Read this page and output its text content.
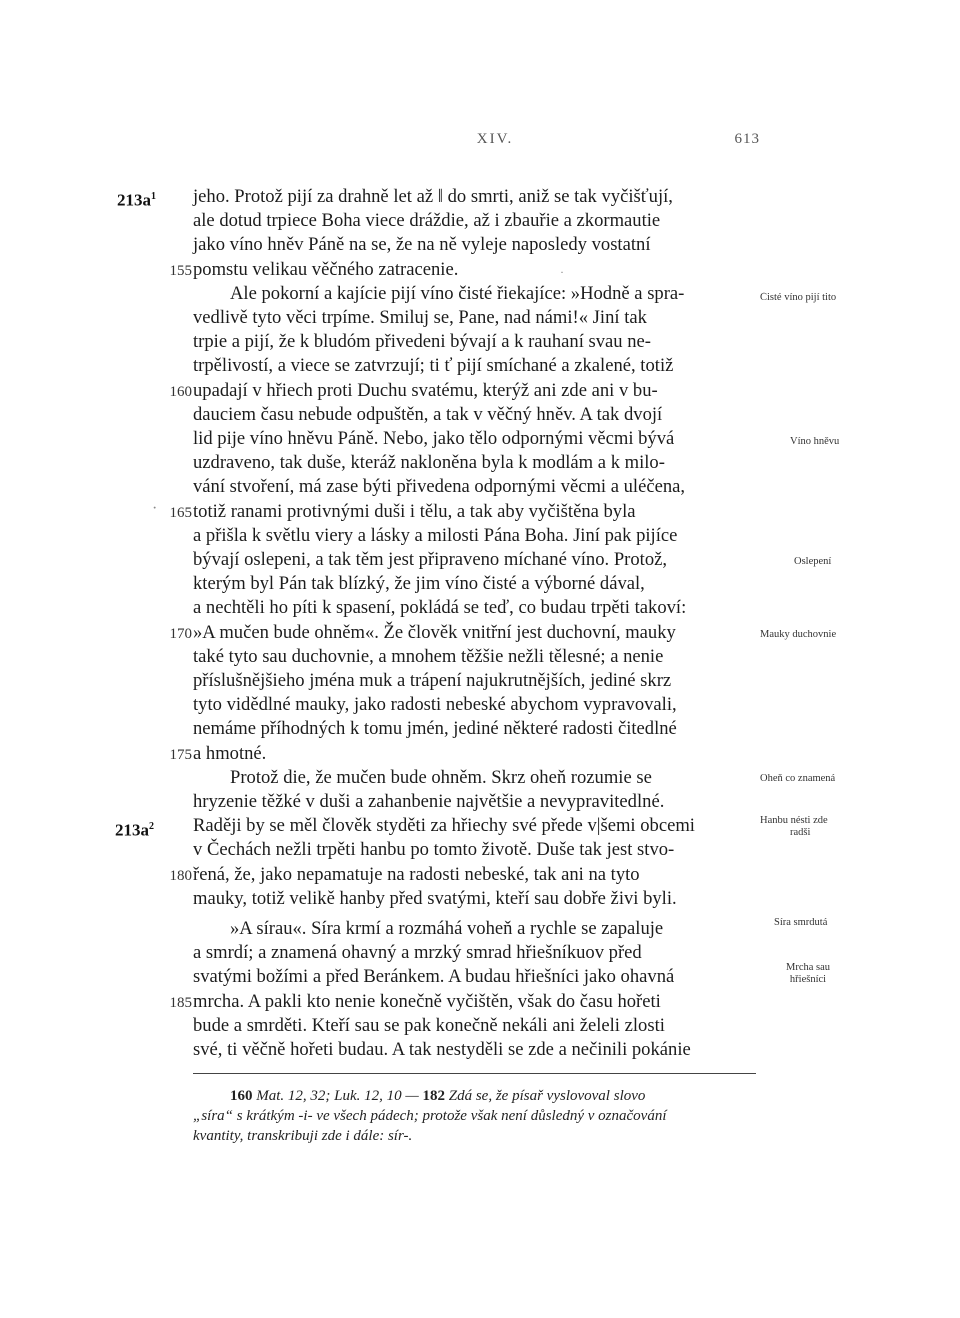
XIV.	613
$213a^1$
$213a^2$
jeho. Protož pijí za drahně let až ‖ do smrti, aniž se tak vyčišťují,
ale dotud trpiece Boha viece dráždie, až i zbauřie a zkormautie
jako víno hněv Páně na se, že na ně vyleje naposledy vostatní
pomstu velikau věčného zatracenie.
155
Ale pokorní a kajície pijí víno čisté řiekajíce: »Hodně a spra-
vedlivě tyto věci trpíme. Smiluj se, Pane, nad námi!« Jiní tak
trpie a pijí, že k bludóm přivedeni bývají a k rauhaní svau ne-
trpělivostí, a viece se zatvrzují; ti ť pijí smíchané a zkalené, totiž
upadají v hřiech proti Duchu svatému, kterýž ani zde ani v bu-
160
dauciem času nebude odpuštěn, a tak v věčný hněv. A tak dvojí
lid pije víno hněvu Páně. Nebo, jako tělo odpornými věcmi bývá
uzdraveno, tak duše, kteráž nakloněna byla k modlám a k milo-
vání stvoření, má zase býti přivedena odpornými věcmi a uléčena,
totiž ranami protivnými duši i tělu, a tak aby vyčištěna byla
165
a přišla k světlu viery a lásky a milosti Pána Boha. Jiní pak pijíce
bývají oslepeni, a tak těm jest připraveno míchané víno. Protož,
kterým byl Pán tak blízký, že jim víno čisté a výborné dával,
a nechtěli ho píti k spasení, pokládá se teď, co budau trpěti takoví:
»A mučen bude ohněm«. Že člověk vnitřní jest duchovní, mauky
170
také tyto sau duchovnie, a mnohem těžšie nežli tělesné; a nenie
příslušnějšieho jména muk a trápení najukrutnějších, jediné skrz
tyto vidědlné mauky, jako radosti nebeské abychom vypravovali,
nemáme příhodných k tomu jmén, jediné některé radosti čitedlné
a hmotné.
175
Protož die, že mučen bude ohněm. Skrz oheň rozumie se
hryzenie těžké v duši a zahanbenie najvětšie a nevypravitedlné.
Raději by se měl člověk styděti za hřiechy své přede v|šemi obcemi
v Čechách nežli trpěti hanbu po tomto životě. Duše tak jest stvo-
řená, že, jako nepamatuje na radosti nebeské, tak ani na tyto
180
mauky, totiž velikě hanby před svatými, kteří sau dobře živi byli.
»A sírau«. Síra krmí a rozmáhá voheň a rychle se zapaluje
a smrdí; a znamená ohavný a mrzký smrad hřiešníkuov před
svatými božími a před Beránkem. A budau hřiešníci jako ohavná
mrcha. A pakli kto nenie konečně vyčištěn, však do času hořeti
185
bude a smrděti. Kteří sau se pak konečně nekáli ani želeli zlosti
své, ti věčně hořeti budau. A tak nestyděli se zde a nečinili pokánie
Čisté víno pijí tito
Víno hněvu
Oslepení
Mauky duchovnie
Oheň co znamená
Hanbu nésti zde
radši
Síra smrdutá
Mrcha sau
hřiešníci
·
·
160 Mat. 12, 32; Luk. 12, 10 — 182 Zdá se, že písař vyslovoval slovo
„síra“ s krátkým -i- ve všech pádech; protože však není důsledný v označování
kvantity, transkribuji zde i dále: sír-.
